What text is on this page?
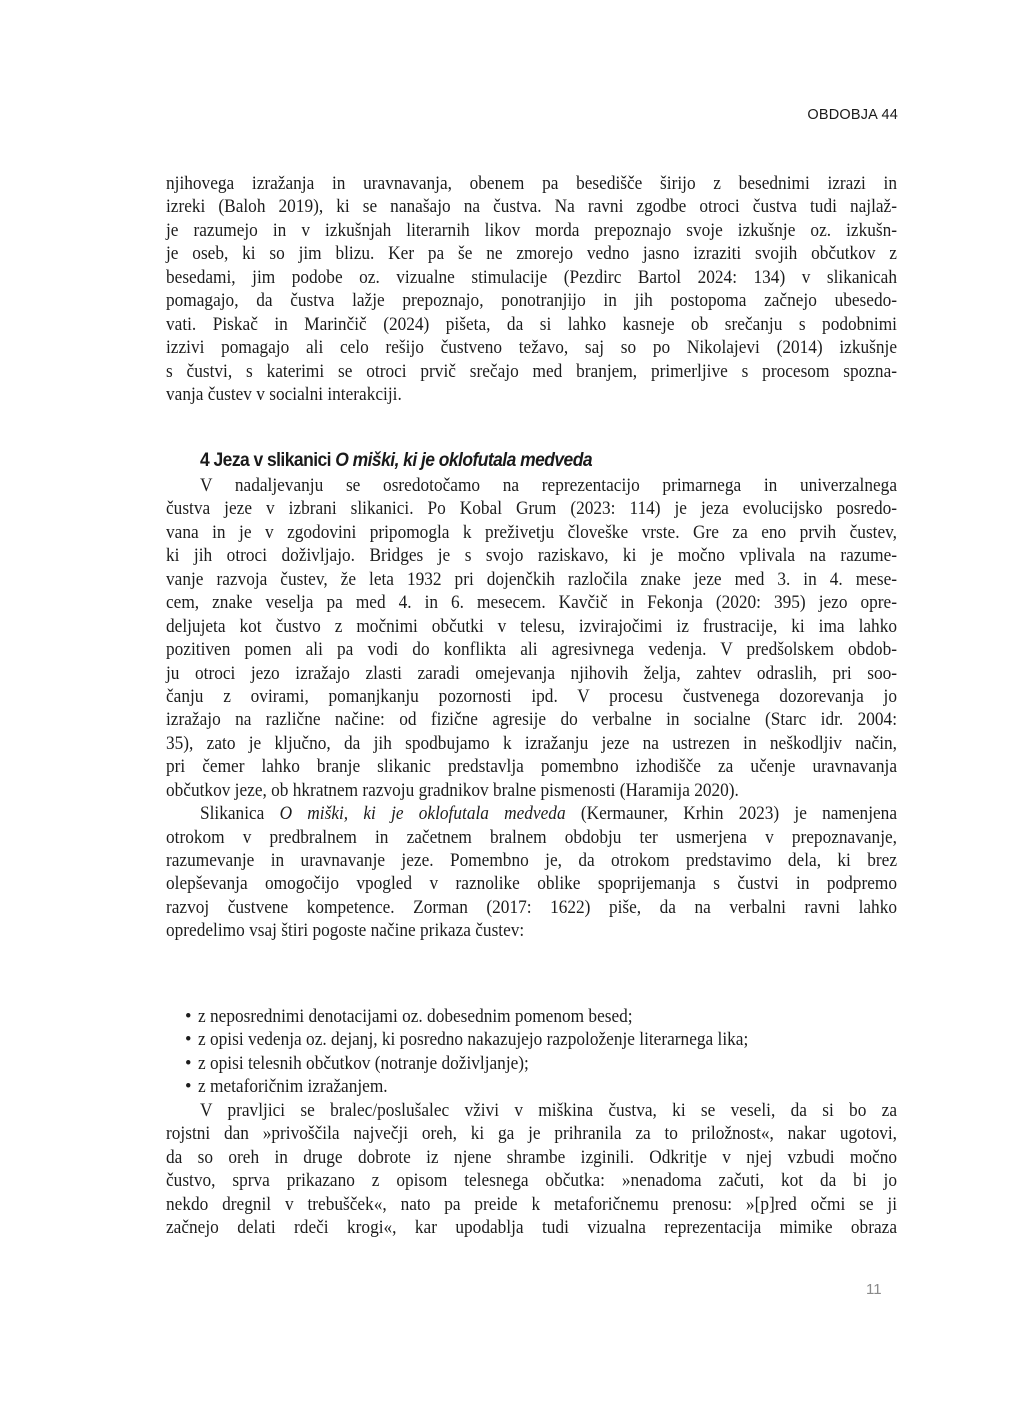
OBDOBJA 44
njihovega izražanja in uravnavanja, obenem pa besedišče širijo z besednimi izrazi in
izreki (Baloh 2019), ki se nanašajo na čustva. Na ravni zgodbe otroci čustva tudi najlaž-
je razumejo in v izkušnjah literarnih likov morda prepoznajo svoje izkušnje oz. izkušn-
je oseb, ki so jim blizu. Ker pa še ne zmorejo vedno jasno izraziti svojih občutkov z
besedami, jim podobe oz. vizualne stimulacije (Pezdirc Bartol 2024: 134) v slikanicah
pomagajo, da čustva lažje prepoznajo, ponotranjijo in jih postopoma začnejo ubesedo-
vati. Piskač in Marinčič (2024) pišeta, da si lahko kasneje ob srečanju s podobnimi
izzivi pomagajo ali celo rešijo čustveno težavo, saj so po Nikolajevi (2014) izkušnje
s čustvi, s katerimi se otroci prvič srečajo med branjem, primerljive s procesom spozna-
vanja čustev v socialni interakciji.
4 Jeza v slikanici O miški, ki je oklofutala medveda
V nadaljevanju se osredotočamo na reprezentacijo primarnega in univerzalnega
čustva jeze v izbrani slikanici. Po Kobal Grum (2023: 114) je jeza evolucijsko posredo-
vana in je v zgodovini pripomogla k preživetju človeške vrste. Gre za eno prvih čustev,
ki jih otroci doživljajo. Bridges je s svojo raziskavo, ki je močno vplivala na razume-
vanje razvoja čustev, že leta 1932 pri dojenčkih razločila znake jeze med 3. in 4. mese-
cem, znake veselja pa med 4. in 6. mesecem. Kavčič in Fekonja (2020: 395) jezo opre-
deljujeta kot čustvo z močnimi občutki v telesu, izvirajočimi iz frustracije, ki ima lahko
pozitiven pomen ali pa vodi do konflikta ali agresivnega vedenja. V predšolskem obdob-
ju otroci jezo izražajo zlasti zaradi omejevanja njihovih želja, zahtev odraslih, pri soo-
čanju z ovirami, pomanjkanju pozornosti ipd. V procesu čustvenega dozorevanja jo
izražajo na različne načine: od fizične agresije do verbalne in socialne (Starc idr. 2004:
35), zato je ključno, da jih spodbujamo k izražanju jeze na ustrezen in neškodljiv način,
pri čemer lahko branje slikanic predstavlja pomembno izhodišče za učenje uravnavanja
občutkov jeze, ob hkratnem razvoju gradnikov bralne pismenosti (Haramija 2020).
Slikanica O miški, ki je oklofutala medveda (Kermauner, Krhin 2023) je namenjena
otrokom v predbralnem in začetnem bralnem obdobju ter usmerjena v prepoznavanje,
razumevanje in uravnavanje jeze. Pomembno je, da otrokom predstavimo dela, ki brez
olepševanja omogočijo vpogled v raznolike oblike spoprijemanja s čustvi in podpremo
razvoj čustvene kompetence. Zorman (2017: 1622) piše, da na verbalni ravni lahko
opredelimo vsaj štiri pogoste načine prikaza čustev:
• z neposrednimi denotacijami oz. dobesednim pomenom besed;
• z opisi vedenja oz. dejanj, ki posredno nakazujejo razpoloženje literarnega lika;
• z opisi telesnih občutkov (notranje doživljanje);
• z metaforičnim izražanjem.
V pravljici se bralec/poslušalec vživi v miškina čustva, ki se veseli, da si bo za
rojstni dan »privoščila največji oreh, ki ga je prihranila za to priložnost«, nakar ugotovi,
da so oreh in druge dobrote iz njene shrambe izginili. Odkritje v njej vzbudi močno
čustvo, sprva prikazano z opisom telesnega občutka: »nenadoma začuti, kot da bi jo
nekdo dregnil v trebušček«, nato pa preide k metaforičnemu prenosu: »[p]red očmi se ji
začnejo delati rdeči krogi«, kar upodablja tudi vizualna reprezentacija mimike obraza
11
